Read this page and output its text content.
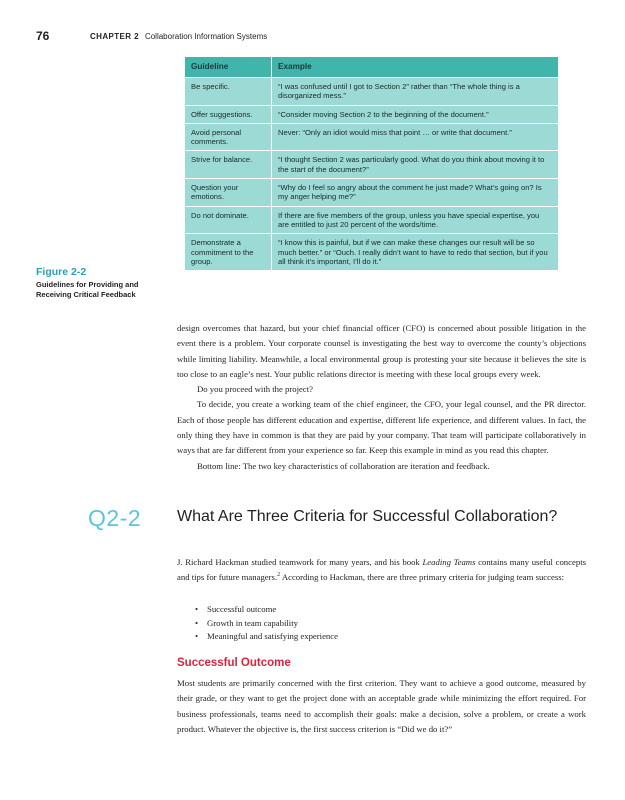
76	CHAPTER 2 Collaboration Information Systems
Guideline	Example
Be specific.	“I was confused until I got to Section 2” rather than “The whole thing is a disorganized mess.”
Offer suggestions.	“Consider moving Section 2 to the beginning of the document.”
Avoid personal comments.	Never: “Only an idiot would miss that point … or write that document.”
Strive for balance.	“I thought Section 2 was particularly good. What do you think about moving it to the start of the document?”
Question your emotions.	“Why do I feel so angry about the comment he just made? What’s going on? Is my anger helping me?”
Do not dominate.	If there are five members of the group, unless you have special expertise, you are entitled to just 20 percent of the words/time.
Demonstrate a commitment to the group.	“I know this is painful, but if we can make these changes our result will be so much better.” or “Ouch. I really didn’t want to have to redo that section, but if you all think it’s important, I’ll do it.”
Figure 2-2
Guidelines for Providing and Receiving Critical Feedback

design overcomes that hazard, but your chief financial officer (CFO) is concerned about possible litigation in the event there is a problem. Your corporate counsel is investigating the best way to overcome the county’s objections while limiting liability. Meanwhile, a local environmental group is protesting your site because it believes the site is too close to an eagle’s nest. Your public relations director is meeting with these local groups every week.

Do you proceed with the project?

To decide, you create a working team of the chief engineer, the CFO, your legal counsel, and the PR director. Each of those people has different education and expertise, different life experience, and different values. In fact, the only thing they have in common is that they are paid by your company. That team will participate collaboratively in ways that are far different from your experience so far. Keep this example in mind as you read this chapter.

Bottom line: The two key characteristics of collaboration are iteration and feedback.

Q2-2 What Are Three Criteria for Successful Collaboration?

J. Richard Hackman studied teamwork for many years, and his book Leading Teams contains many useful concepts and tips for future managers.$^2$ According to Hackman, there are three primary criteria for judging team success:

• Successful outcome
• Growth in team capability
• Meaningful and satisfying experience
Successful Outcome

Most students are primarily concerned with the first criterion. They want to achieve a good outcome, measured by their grade, or they want to get the project done with an acceptable grade while minimizing the effort required. For business professionals, teams need to accomplish their goals: make a decision, solve a problem, or create a work product. Whatever the objective is, the first success criterion is “Did we do it?”
